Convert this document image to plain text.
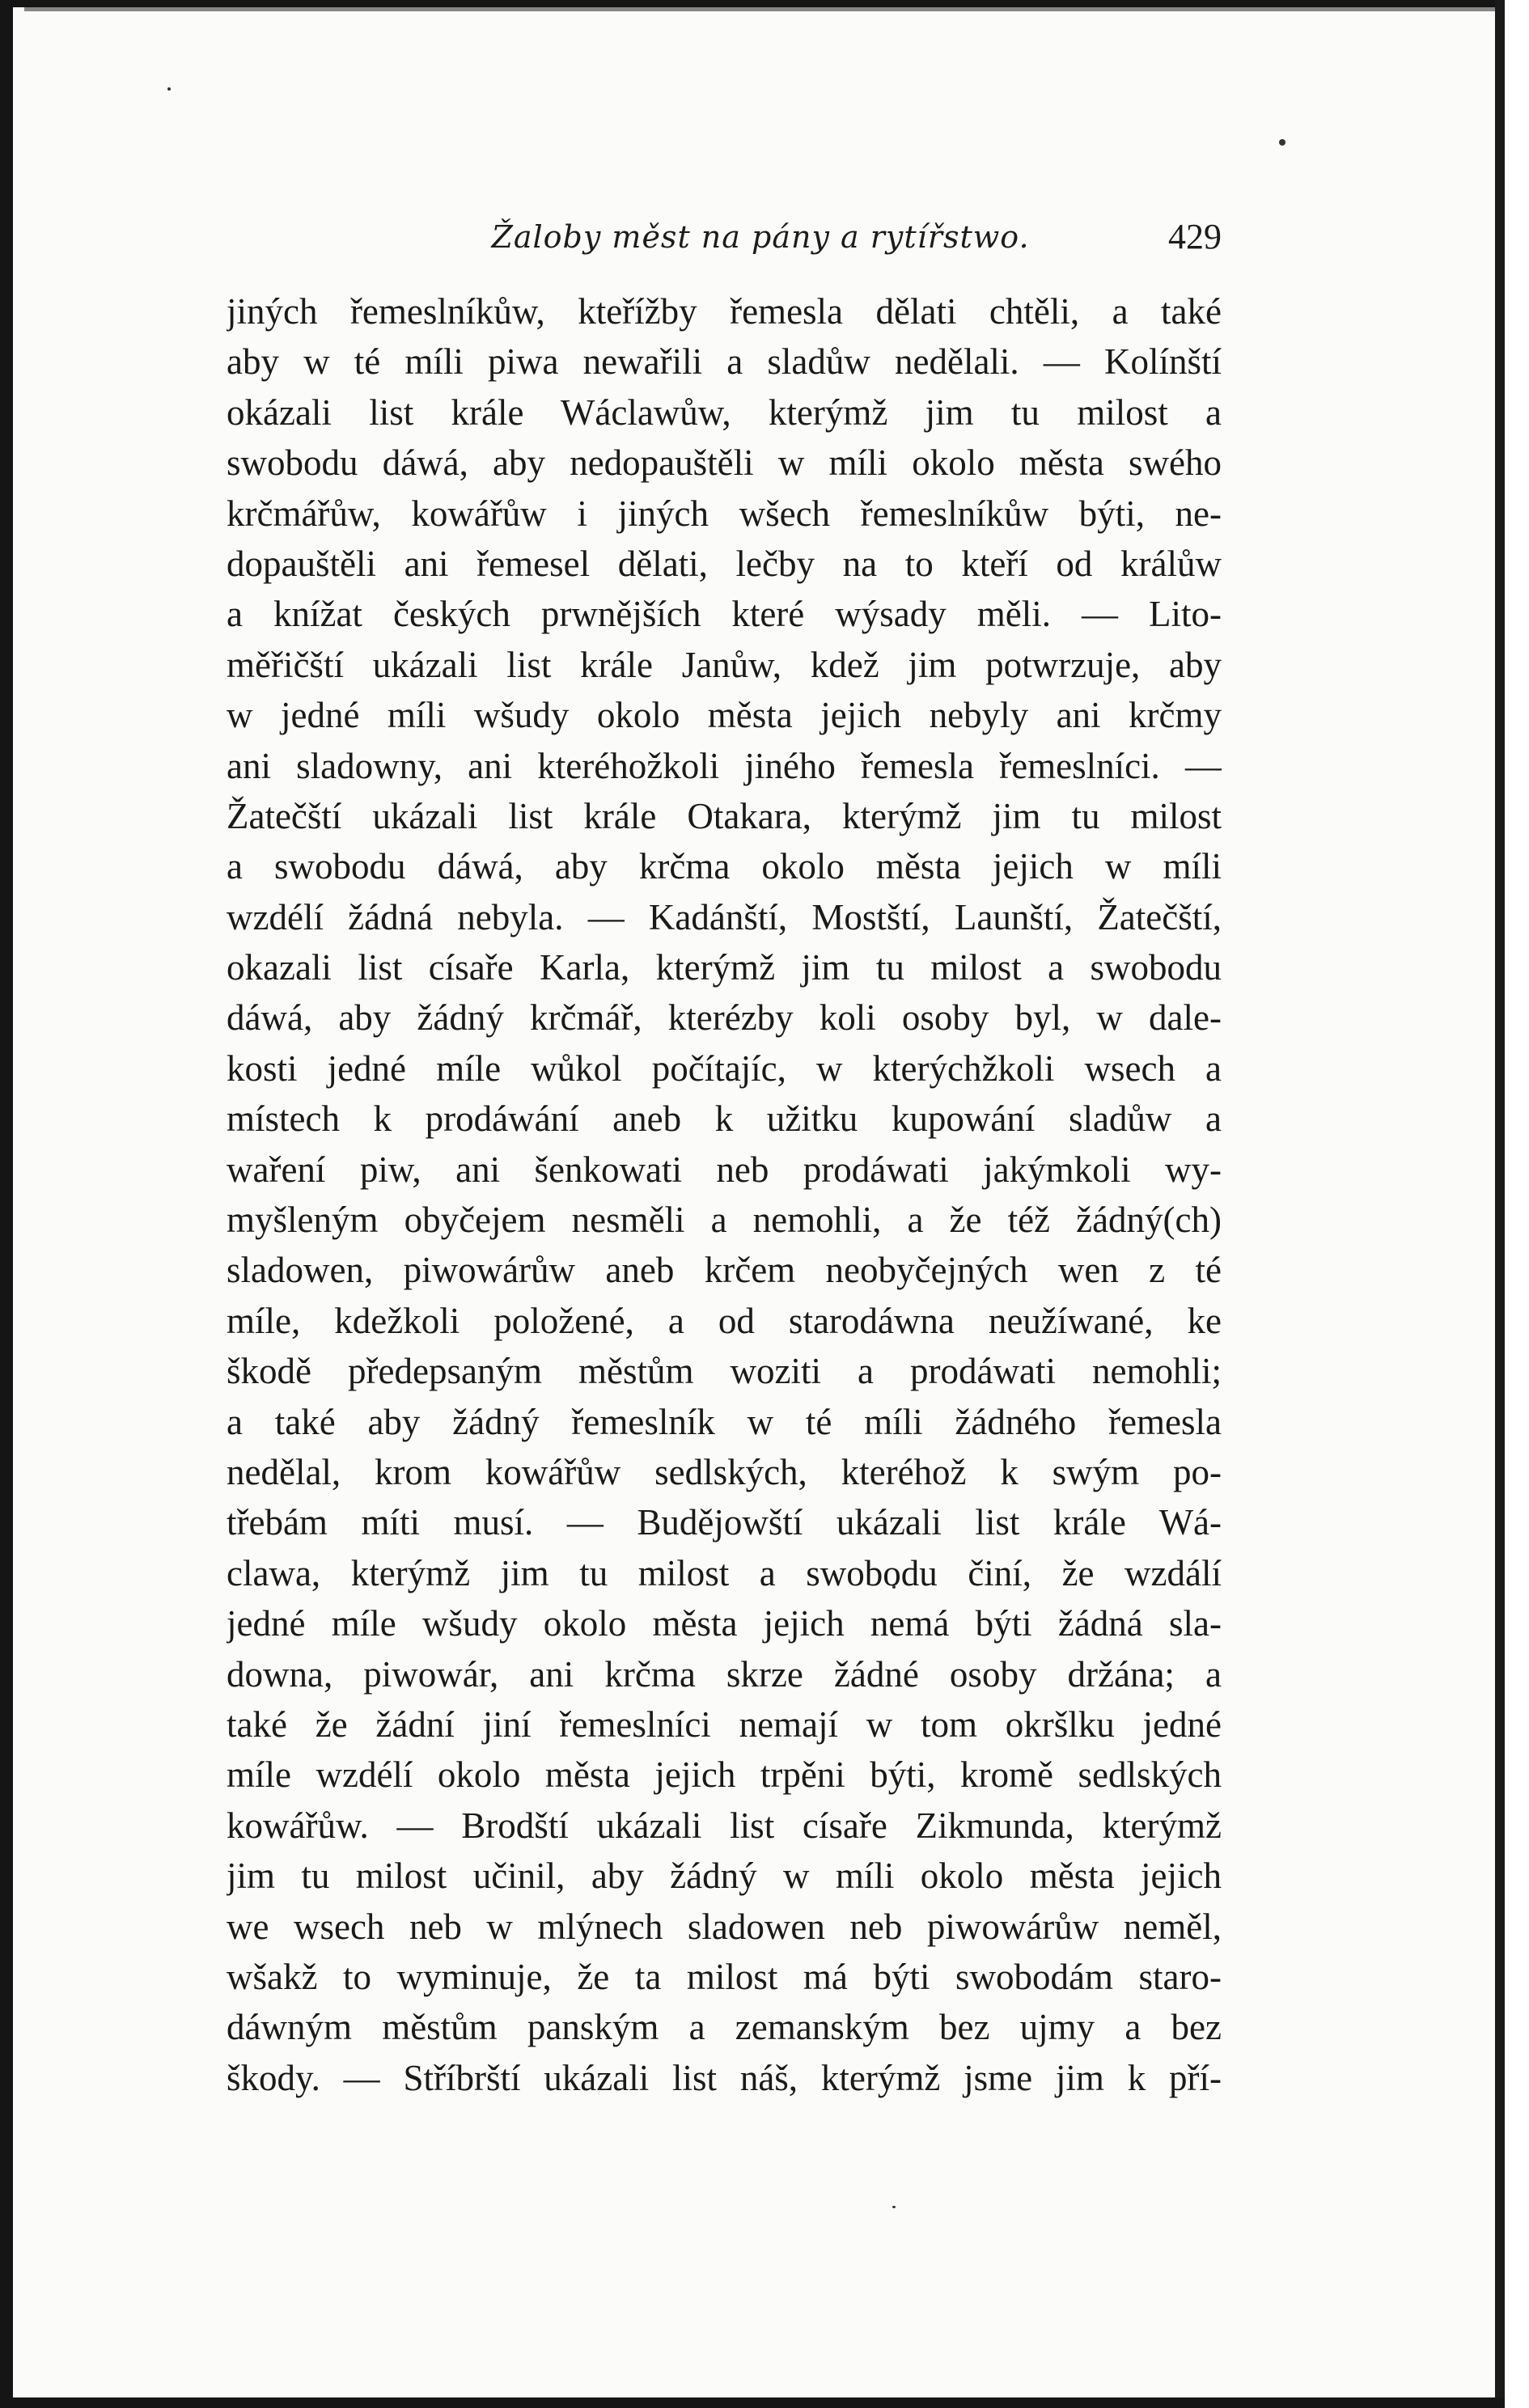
Žaloby měst na pány a rytířstwo.	429
jiných řemeslníkůw, kteřížby řemesla dělati chtěli, a také
aby w té míli piwa newařili a sladůw nedělali. — Kolínští
okázali list krále Wáclawůw, kterýmž jim tu milost a
swobodu dáwá, aby nedopauštěli w míli okolo města swého
krčmářůw, kowářůw i jiných wšech řemeslníkůw býti, ne-
dopauštěli ani řemesel dělati, lečby na to kteří od králůw
a knížat českých prwnějších které wýsady měli. — Lito-
měřičští ukázali list krále Janůw, kdež jim potwrzuje, aby
w jedné míli wšudy okolo města jejich nebyly ani krčmy
ani sladowny, ani kteréhožkoli jiného řemesla řemeslníci. —
Žatečští ukázali list krále Otakara, kterýmž jim tu milost
a swobodu dáwá, aby krčma okolo města jejich w míli
wzdélí žádná nebyla. — Kadánští, Mostští, Launští, Žatečští,
okazali list císaře Karla, kterýmž jim tu milost a swobodu
dáwá, aby žádný krčmář, kterézby koli osoby byl, w dale-
kosti jedné míle wůkol počítajíc, w kterýchžkoli wsech a
místech k prodáwání aneb k užitku kupowání sladůw a
waření piw, ani šenkowati neb prodáwati jakýmkoli wy-
myšleným obyčejem nesměli a nemohli, a že též žádný(ch)
sladowen, piwowárůw aneb krčem neobyčejných wen z té
míle, kdežkoli položené, a od starodáwna neužíwané, ke
škodě předepsaným městům woziti a prodáwati nemohli;
a také aby žádný řemeslník w té míli žádného řemesla
nedělal, krom kowářůw sedlských, kteréhož k swým po-
třebám míti musí. — Budějowští ukázali list krále Wá-
clawa, kterýmž jim tu milost a swobodu činí, že wzdálí
jedné míle wšudy okolo města jejich nemá býti žádná sla-
downa, piwowár, ani krčma skrze žádné osoby držána; a
také že žádní jiní řemeslníci nemají w tom okršlku jedné
míle wzdélí okolo města jejich trpěni býti, kromě sedlských
kowářůw. — Brodští ukázali list císaře Zikmunda, kterýmž
jim tu milost učinil, aby žádný w míli okolo města jejich
we wsech neb w mlýnech sladowen neb piwowárůw neměl,
wšakž to wyminuje, že ta milost má býti swobodám staro-
dáwným městům panským a zemanským bez ujmy a bez
škody. — Stříbrští ukázali list náš, kterýmž jsme jim k pří-
